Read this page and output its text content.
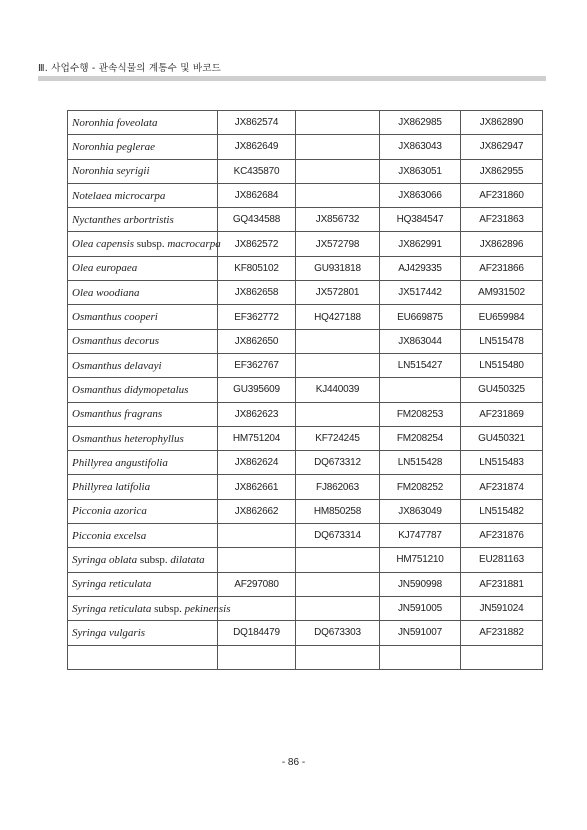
Ⅲ. 사업수행 - 관속식물의 계통수 및 바코드
Noronhia foveolata	JX862574		JX862985	JX862890
Noronhia peglerae	JX862649		JX863043	JX862947
Noronhia seyrigii	KC435870		JX863051	JX862955
Notelaea microcarpa	JX862684		JX863066	AF231860
Nyctanthes arbortristis	GQ434588	JX856732	HQ384547	AF231863
Olea capensis subsp. macrocarpa	JX862572	JX572798	JX862991	JX862896
Olea europaea	KF805102	GU931818	AJ429335	AF231866
Olea woodiana	JX862658	JX572801	JX517442	AM931502
Osmanthus cooperi	EF362772	HQ427188	EU669875	EU659984
Osmanthus decorus	JX862650		JX863044	LN515478
Osmanthus delavayi	EF362767		LN515427	LN515480
Osmanthus didymopetalus	GU395609	KJ440039		GU450325
Osmanthus fragrans	JX862623		FM208253	AF231869
Osmanthus heterophyllus	HM751204	KF724245	FM208254	GU450321
Phillyrea angustifolia	JX862624	DQ673312	LN515428	LN515483
Phillyrea latifolia	JX862661	FJ862063	FM208252	AF231874
Picconia azorica	JX862662	HM850258	JX863049	LN515482
Picconia excelsa		DQ673314	KJ747787	AF231876
Syringa oblata subsp. dilatata			HM751210	EU281163
Syringa reticulata	AF297080		JN590998	AF231881
Syringa reticulata subsp. pekinensis			JN591005	JN591024
Syringa vulgaris	DQ184479	DQ673303	JN591007	AF231882

- 86 -
